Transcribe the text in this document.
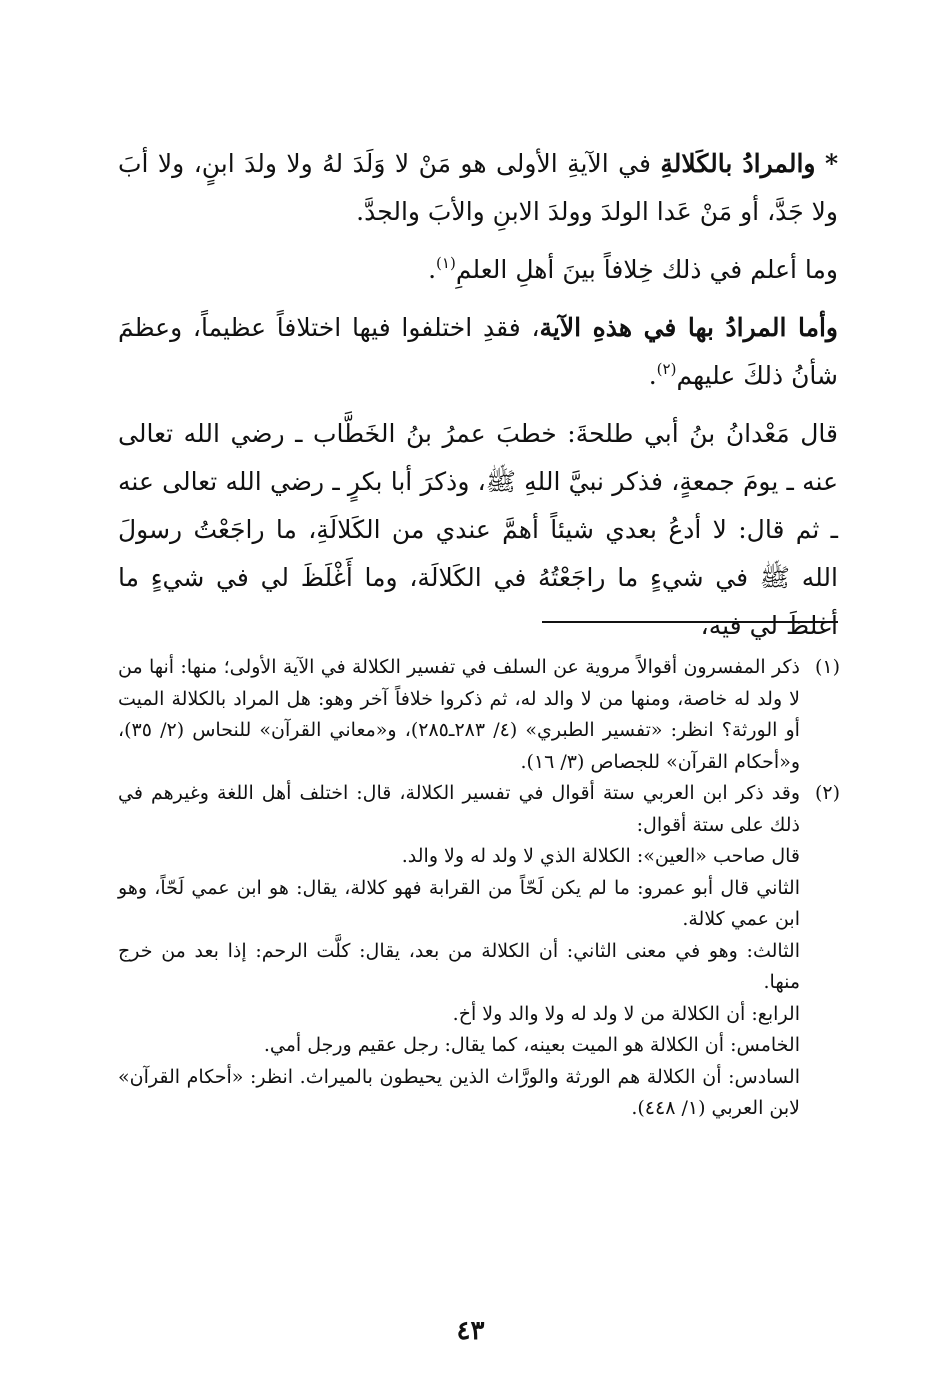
* والمرادُ بالكَلالةِ في الآيةِ الأولى هو مَنْ لا وَلَدَ لهُ ولا ولدَ ابنٍ، ولا أبَ ولا جَدَّ، أو مَنْ عَدا الولدَ وولدَ الابنِ والأبَ والجدَّ.

وما أعلم في ذلك خِلافاً بينَ أهلِ العلمِ$^{(١)}$.

وأما المرادُ بها في هذهِ الآية، فقدِ اختلفوا فيها اختلافاً عظيماً، وعظمَ شأنُ ذلكَ عليهم$^{(٢)}$.

قال مَعْدانُ بنُ أبي طلحةَ: خطبَ عمرُ بنُ الخَطَّاب ـ رضي الله تعالى عنه ـ يومَ جمعةٍ، فذكر نبيَّ اللهِ ﷺ، وذكرَ أبا بكرٍ ـ رضي الله تعالى عنه ـ ثم قال: لا أدعُ بعدي شيئاً أهمَّ عندي من الكَلالَةِ، ما راجَعْتُ رسولَ الله ﷺ في شيءٍ ما راجَعْتُهُ في الكَلالَة، وما أَغْلَظَ لي في شيءٍ ما أغلظَ لي فيه،

(١)

ذكر المفسرون أقوالاً مروية عن السلف في تفسير الكلالة في الآية الأولى؛ منها: أنها من لا ولد له خاصة، ومنها من لا والد له، ثم ذكروا خلافاً آخر وهو: هل المراد بالكلالة الميت أو الورثة؟ انظر: «تفسير الطبري» (٤/ ٢٨٣ـ٢٨٥)، و«معاني القرآن» للنحاس (٢/ ٣٥)، و«أحكام القرآن» للجصاص (٣/ ١٦).

(٢)

وقد ذكر ابن العربي ستة أقوال في تفسير الكلالة، قال: اختلف أهل اللغة وغيرهم في ذلك على ستة أقوال:

قال صاحب «العين»: الكلالة الذي لا ولد له ولا والد.

الثاني قال أبو عمرو: ما لم يكن لَحّاً من القرابة فهو كلالة، يقال: هو ابن عمي لَحّاً، وهو ابن عمي كلالة.

الثالث: وهو في معنى الثاني: أن الكلالة من بعد، يقال: كلَّت الرحم: إذا بعد من خرج منها.

الرابع: أن الكلالة من لا ولد له ولا والد ولا أخ.

الخامس: أن الكلالة هو الميت بعينه، كما يقال: رجل عقيم ورجل أمي.

السادس: أن الكلالة هم الورثة والورَّاث الذين يحيطون بالميراث. انظر: «أحكام القرآن» لابن العربي (١/ ٤٤٨).

٤٣
